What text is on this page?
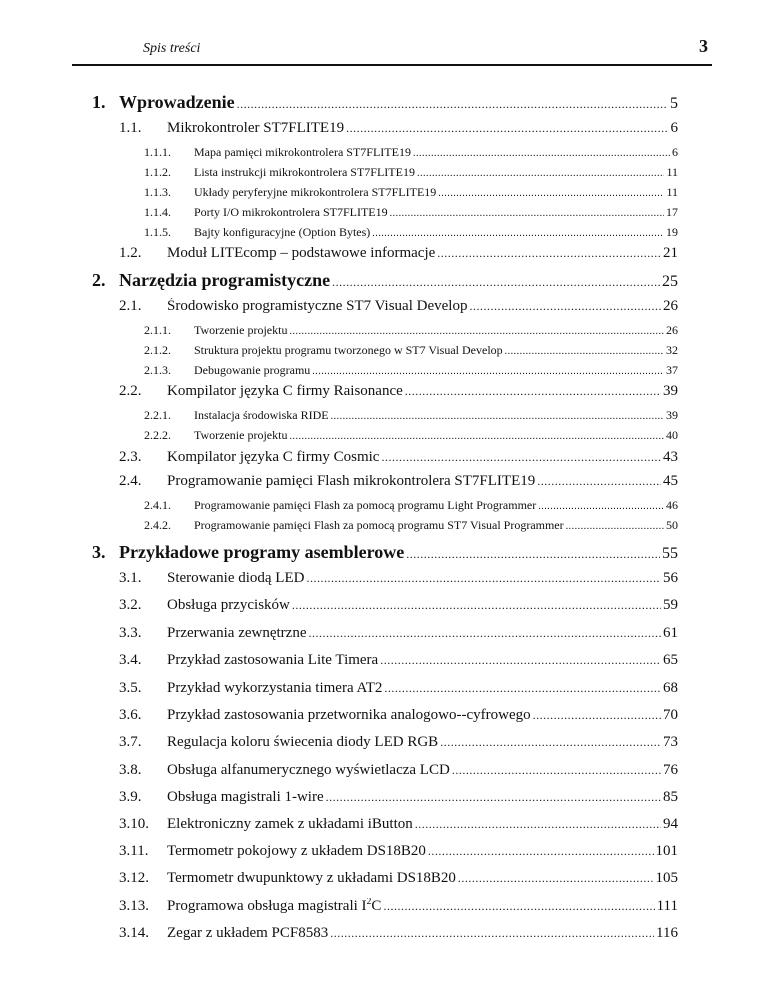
Spis treści	3
1. Wprowadzenie .....	5
1.1.	Mikrokontroler ST7FLITE19 .....	6
1.1.1.	Mapa pamięci mikrokontrolera ST7FLITE19 .....	6
1.1.2.	Lista instrukcji mikrokontrolera ST7FLITE19 .....	11
1.1.3.	Układy peryferyjne mikrokontrolera ST7FLITE19 .....	11
1.1.4.	Porty I/O mikrokontrolera ST7FLITE19 .....	17
1.1.5.	Bajty konfiguracyjne (Option Bytes) .....	19
1.2.	Moduł LITEcomp – podstawowe informacje .....	21
2. Narzędzia programistyczne .....	25
2.1.	Środowisko programistyczne ST7 Visual Develop .....	26
2.1.1.	Tworzenie projektu .....	26
2.1.2.	Struktura projektu programu tworzonego w ST7 Visual Develop .....	32
2.1.3.	Debugowanie programu .....	37
2.2.	Kompilator języka C firmy Raisonance .....	39
2.2.1.	Instalacja środowiska RIDE .....	39
2.2.2.	Tworzenie projektu .....	40
2.3.	Kompilator języka C firmy Cosmic .....	43
2.4.	Programowanie pamięci Flash mikrokontrolera ST7FLITE19 .....	45
2.4.1.	Programowanie pamięci Flash za pomocą programu Light Programmer .....	46
2.4.2.	Programowanie pamięci Flash za pomocą programu ST7 Visual Programmer .....	50
3. Przykładowe programy asemblerowe .....	55
3.1.	Sterowanie diodą LED .....	56
3.2.	Obsługa przycisków .....	59
3.3.	Przerwania zewnętrzne .....	61
3.4.	Przykład zastosowania Lite Timera .....	65
3.5.	Przykład wykorzystania timera AT2 .....	68
3.6.	Przykład zastosowania przetwornika analogowo--cyfrowego .....	70
3.7.	Regulacja koloru świecenia diody LED RGB .....	73
3.8.	Obsługa alfanumerycznego wyświetlacza LCD .....	76
3.9.	Obsługa magistrali 1-wire .....	85
3.10.	Elektroniczny zamek z układami iButton .....	94
3.11.	Termometr pokojowy z układem DS18B20 .....	101
3.12.	Termometr dwupunktowy z układami DS18B20 .....	105
3.13.	Programowa obsługa magistrali $I^2C$ .....	111
3.14.	Zegar z układem PCF8583 .....	116
